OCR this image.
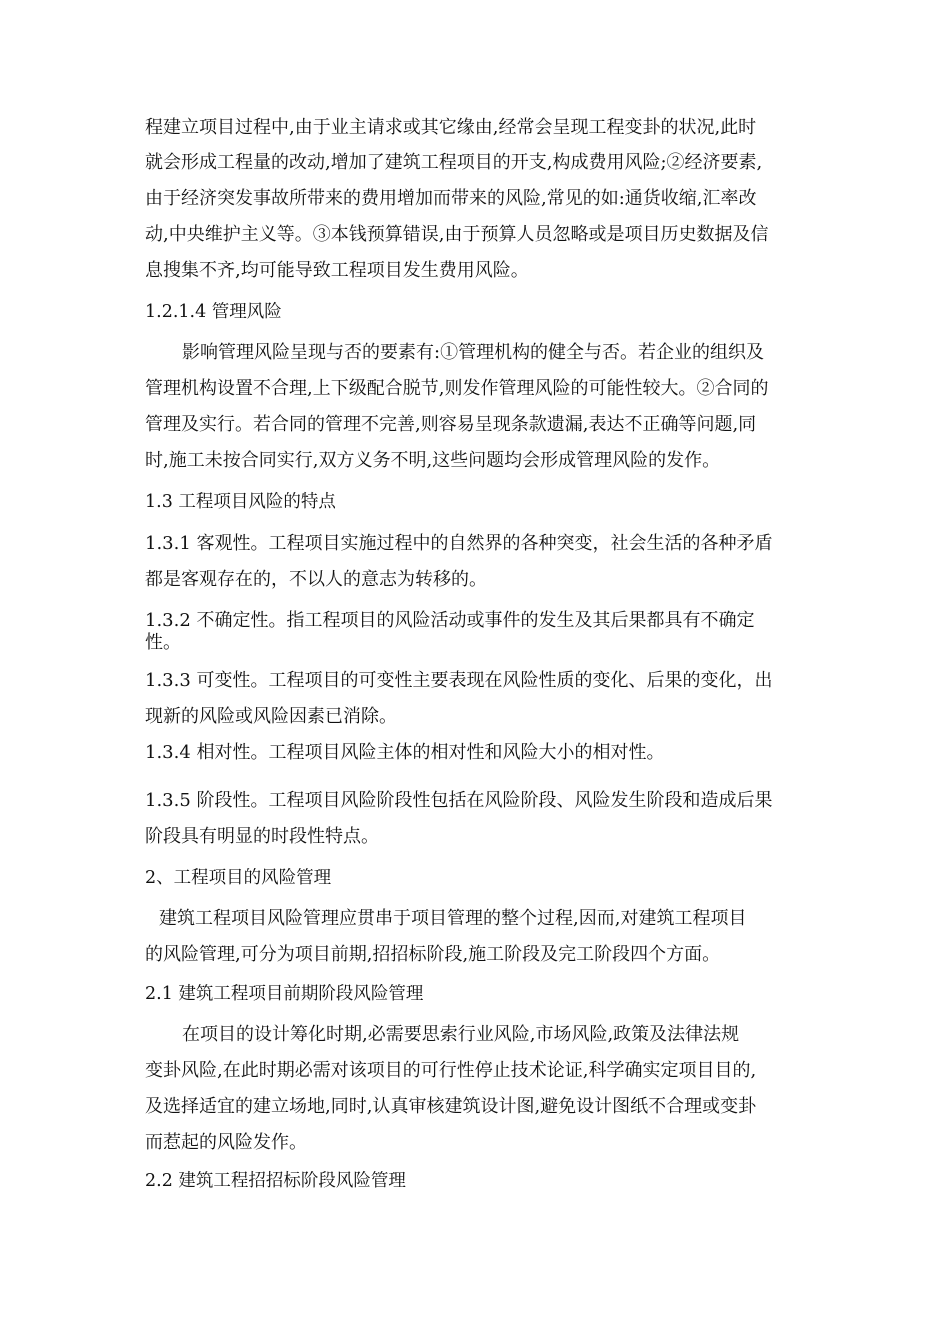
程建立项目过程中,由于业主请求或其它缘由,经常会呈现工程变卦的状况,此时
就会形成工程量的改动,增加了建筑工程项目的开支,构成费用风险;②经济要素,
由于经济突发事故所带来的费用增加而带来的风险,常见的如:通货收缩,汇率改
动,中央维护主义等。③本钱预算错误,由于预算人员忽略或是项目历史数据及信
息搜集不齐,均可能导致工程项目发生费用风险。
1.2.1.4 管理风险
影响管理风险呈现与否的要素有:①管理机构的健全与否。若企业的组织及
管理机构设置不合理,上下级配合脱节,则发作管理风险的可能性较大。②合同的
管理及实行。若合同的管理不完善,则容易呈现条款遗漏,表达不正确等问题,同
时,施工未按合同实行,双方义务不明,这些问题均会形成管理风险的发作。
1.3 工程项目风险的特点
1.3.1 客观性。工程项目实施过程中的自然界的各种突变，社会生活的各种矛盾
都是客观存在的，不以人的意志为转移的。
1.3.2 不确定性。指工程项目的风险活动或事件的发生及其后果都具有不确定
性。
1.3.3 可变性。工程项目的可变性主要表现在风险性质的变化、后果的变化，出
现新的风险或风险因素已消除。
1.3.4 相对性。工程项目风险主体的相对性和风险大小的相对性。
1.3.5 阶段性。工程项目风险阶段性包括在风险阶段、风险发生阶段和造成后果
阶段具有明显的时段性特点。
2、工程项目的风险管理
建筑工程项目风险管理应贯串于项目管理的整个过程,因而,对建筑工程项目
的风险管理,可分为项目前期,招招标阶段,施工阶段及完工阶段四个方面。
2.1 建筑工程项目前期阶段风险管理
在项目的设计筹化时期,必需要思索行业风险,市场风险,政策及法律法规
变卦风险,在此时期必需对该项目的可行性停止技术论证,科学确实定项目目的,
及选择适宜的建立场地,同时,认真审核建筑设计图,避免设计图纸不合理或变卦
而惹起的风险发作。
2.2 建筑工程招招标阶段风险管理
